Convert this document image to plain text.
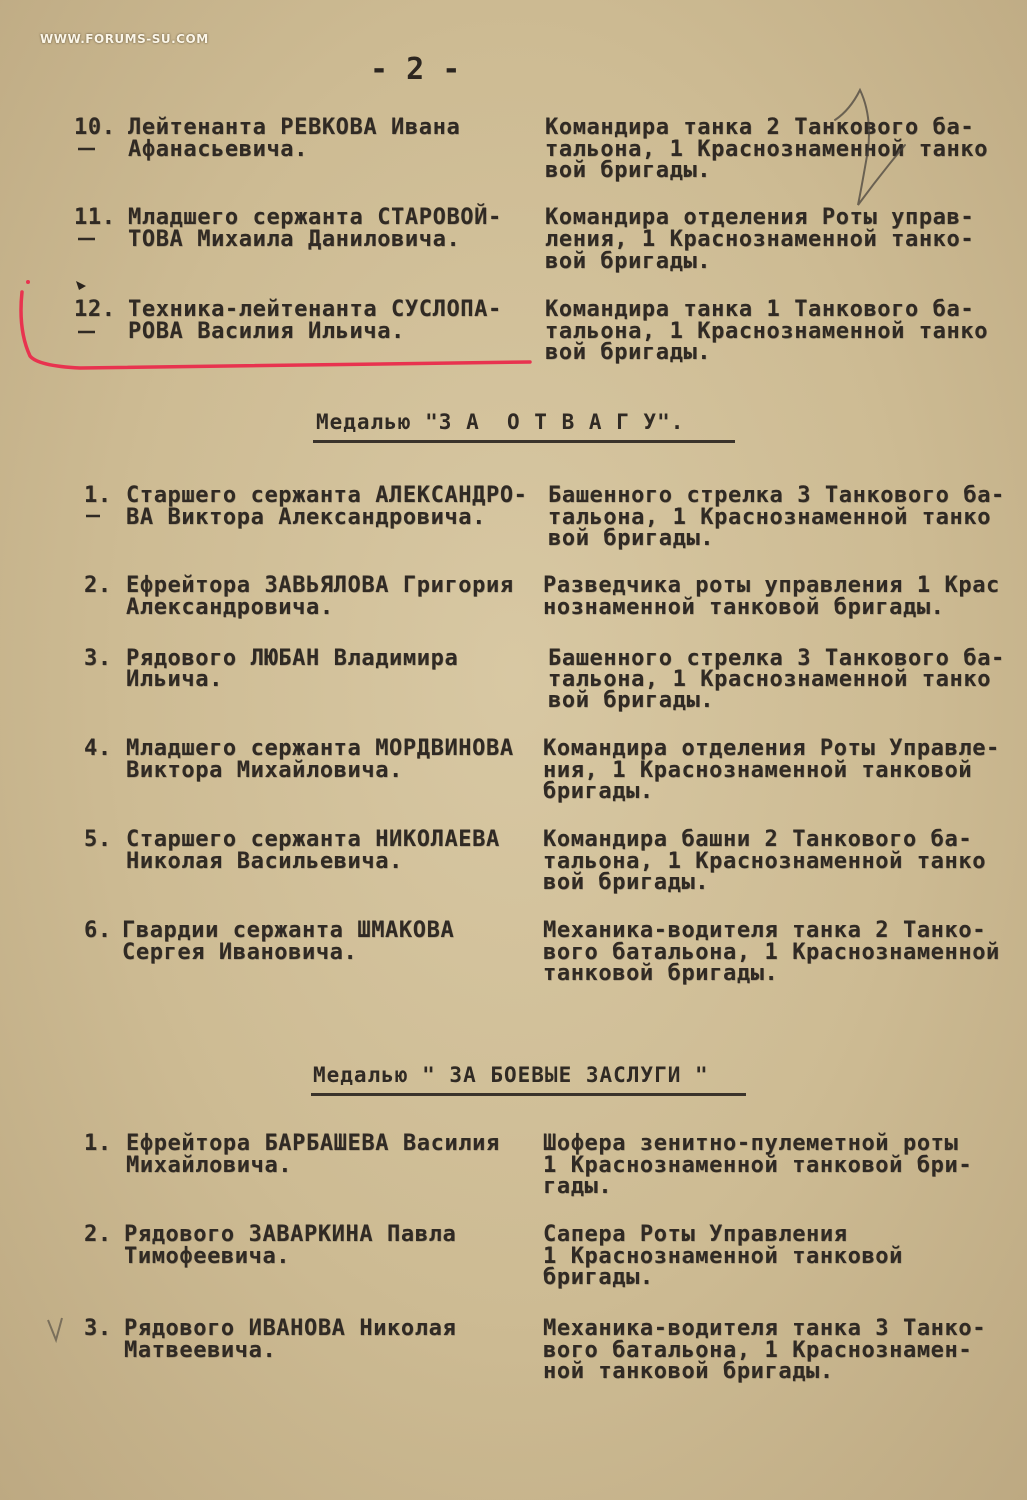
WWW.FORUMS-SU.COM
- 2 -
10. Лейтенанта РЕВКОВА Ивана
Афанасьевича.
Командира танка 2 Танкового ба-
тальона, 1 Краснознаменной танко
вой бригады.
11. Младшего сержанта СТАРОВОЙ-
ТОВА Михаила Даниловича.
Командира отделения Роты управ-
ления, 1 Краснознаменной танко-
вой бригады.
12. Техника-лейтенанта СУСЛОПА-
РОВА Василия Ильича.
Командира танка 1 Танкового ба-
тальона, 1 Краснознаменной танко
вой бригады.
Медалью "З А  О Т В А Г У".
1. Старшего сержанта АЛЕКСАНДРО-
ВА Виктора Александровича.
Башенного стрелка 3 Танкового ба-
тальона, 1 Краснознаменной танко
вой бригады.
2. Ефрейтора ЗАВЬЯЛОВА Григория
Александровича.
Разведчика роты управления 1 Крас
нознаменной танковой бригады.
3. Рядового ЛЮБАН Владимира
Ильича.
Башенного стрелка 3 Танкового ба-
тальона, 1 Краснознаменной танко
вой бригады.
4. Младшего сержанта МОРДВИНОВА
Виктора Михайловича.
Командира отделения Роты Управле-
ния, 1 Краснознаменной танковой
бригады.
5. Старшего сержанта НИКОЛАЕВА
Николая Васильевича.
Командира башни 2 Танкового ба-
тальона, 1 Краснознаменной танко
вой бригады.
6. Гвардии сержанта ШМАКОВА
Сергея Ивановича.
Механика-водителя танка 2 Танко-
вого батальона, 1 Краснознаменной
танковой бригады.
Медалью " ЗА БОЕВЫЕ ЗАСЛУГИ "
1. Ефрейтора БАРБАШЕВА Василия
Михайловича.
Шофера зенитно-пулеметной роты
1 Краснознаменной танковой бри-
гады.
2. Рядового ЗАВАРКИНА Павла
Тимофеевича.
Сапера Роты Управления
1 Краснознаменной танковой
бригады.
3. Рядового ИВАНОВА Николая
Матвеевича.
Механика-водителя танка 3 Танко-
вого батальона, 1 Краснознамен-
ной танковой бригады.
